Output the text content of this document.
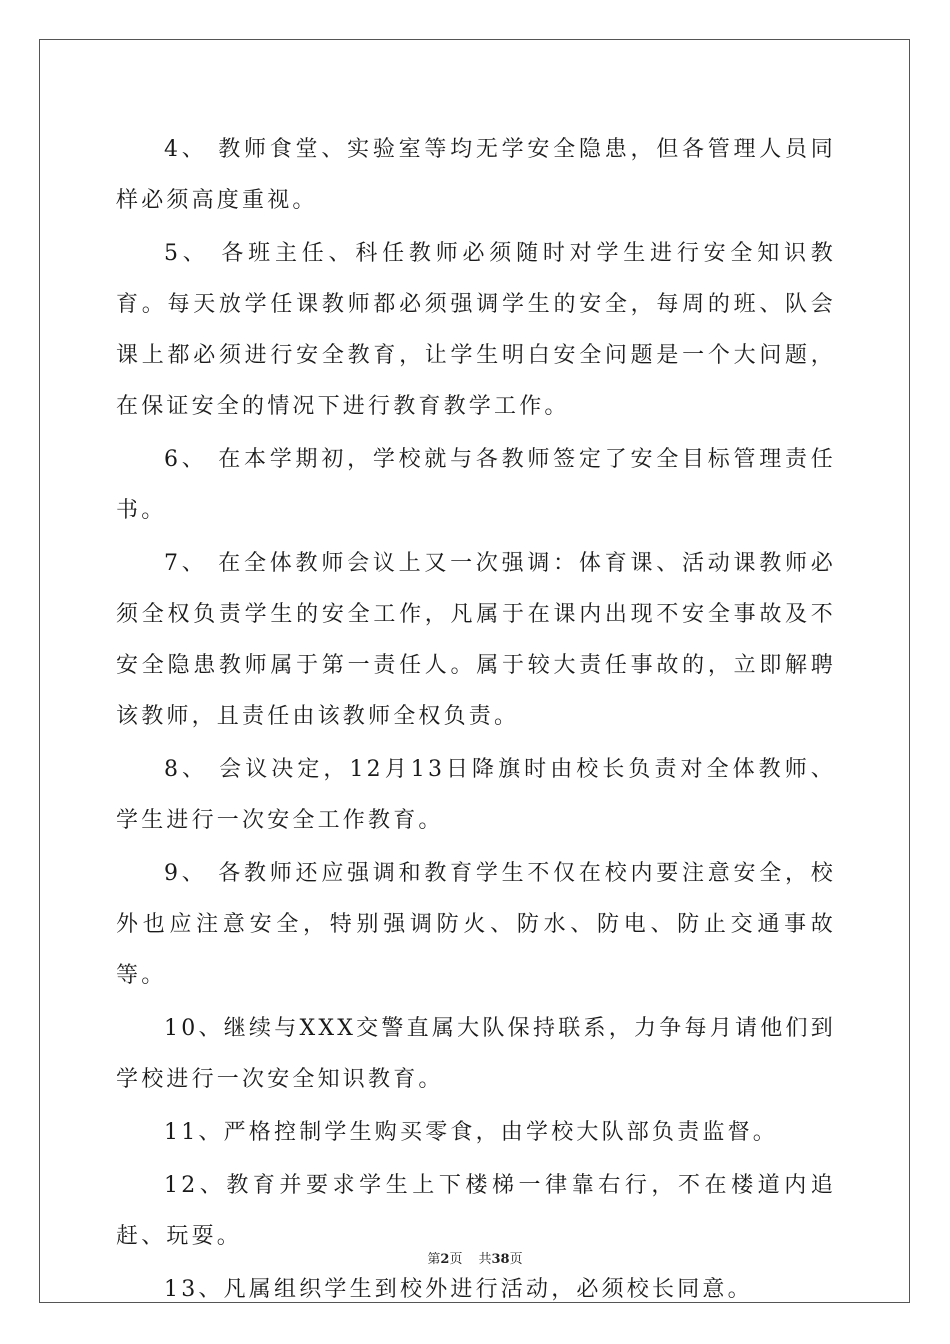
4、 教师食堂、实验室等均无学安全隐患，但各管理人员同样必须高度重视。

5、 各班主任、科任教师必须随时对学生进行安全知识教育。每天放学任课教师都必须强调学生的安全，每周的班、队会课上都必须进行安全教育，让学生明白安全问题是一个大问题，在保证安全的情况下进行教育教学工作。

6、 在本学期初，学校就与各教师签定了安全目标管理责任书。

7、 在全体教师会议上又一次强调：体育课、活动课教师必须全权负责学生的安全工作，凡属于在课内出现不安全事故及不安全隐患教师属于第一责任人。属于较大责任事故的，立即解聘该教师，且责任由该教师全权负责。

8、 会议决定，12月13日降旗时由校长负责对全体教师、学生进行一次安全工作教育。

9、 各教师还应强调和教育学生不仅在校内要注意安全，校外也应注意安全，特别强调防火、防水、防电、防止交通事故等。

10、继续与XXX交警直属大队保持联系，力争每月请他们到学校进行一次安全知识教育。

11、严格控制学生购买零食，由学校大队部负责监督。

12、教育并要求学生上下楼梯一律靠右行，不在楼道内追赶、玩耍。

13、凡属组织学生到校外进行活动，必须校长同意。

第2页 共38页
